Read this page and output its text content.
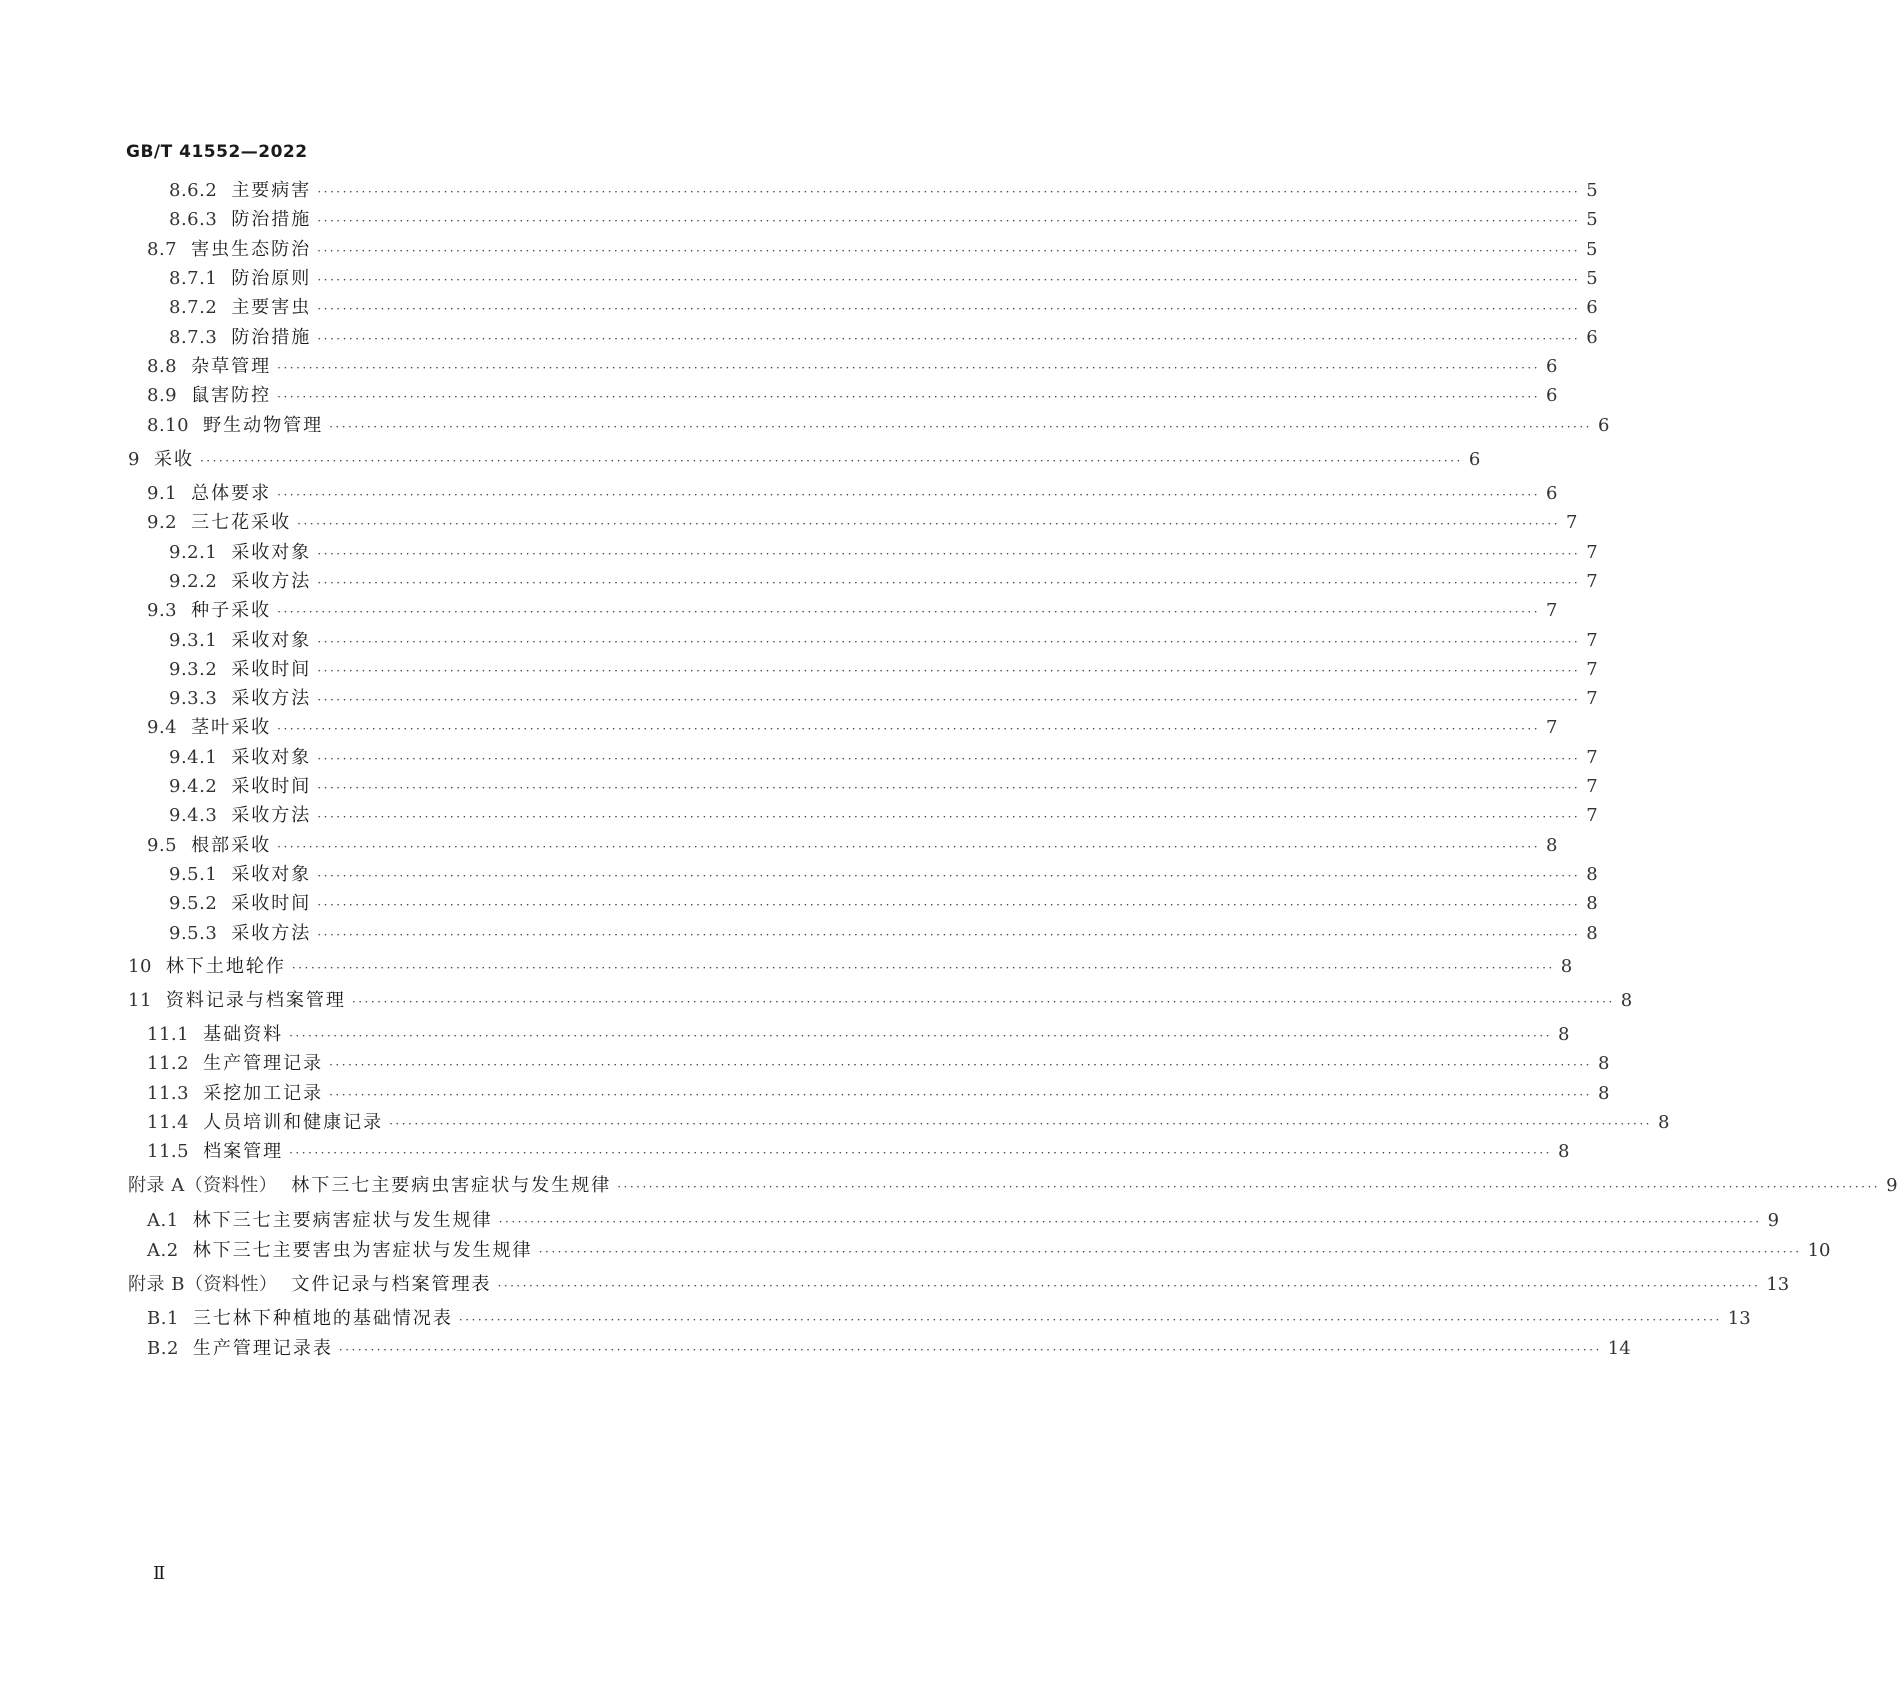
GB/T 41552—2022
8.6.2 主要病害 ········································································································································································································ 5
8.6.3 防治措施 ········································································································································································································ 5
8.7 害虫生态防治 ········································································································································································································ 5
8.7.1 防治原则 ········································································································································································································ 5
8.7.2 主要害虫 ········································································································································································································ 6
8.7.3 防治措施 ········································································································································································································ 6
8.8 杂草管理 ········································································································································································································ 6
8.9 鼠害防控 ········································································································································································································ 6
8.10 野生动物管理 ········································································································································································································ 6
9 采收 ········································································································································································································ 6
9.1 总体要求 ········································································································································································································ 6
9.2 三七花采收 ········································································································································································································ 7
9.2.1 采收对象 ········································································································································································································ 7
9.2.2 采收方法 ········································································································································································································ 7
9.3 种子采收 ········································································································································································································ 7
9.3.1 采收对象 ········································································································································································································ 7
9.3.2 采收时间 ········································································································································································································ 7
9.3.3 采收方法 ········································································································································································································ 7
9.4 茎叶采收 ········································································································································································································ 7
9.4.1 采收对象 ········································································································································································································ 7
9.4.2 采收时间 ········································································································································································································ 7
9.4.3 采收方法 ········································································································································································································ 7
9.5 根部采收 ········································································································································································································ 8
9.5.1 采收对象 ········································································································································································································ 8
9.5.2 采收时间 ········································································································································································································ 8
9.5.3 采收方法 ········································································································································································································ 8
10 林下土地轮作 ········································································································································································································ 8
11 资料记录与档案管理 ········································································································································································································ 8
11.1 基础资料 ········································································································································································································ 8
11.2 生产管理记录 ········································································································································································································ 8
11.3 采挖加工记录 ········································································································································································································ 8
11.4 人员培训和健康记录 ········································································································································································································ 8
11.5 档案管理 ········································································································································································································ 8
附录 A（资料性） 林下三七主要病虫害症状与发生规律 ········································································································································································································ 9
A.1 林下三七主要病害症状与发生规律 ········································································································································································································ 9
A.2 林下三七主要害虫为害症状与发生规律 ········································································································································································································ 10
附录 B（资料性） 文件记录与档案管理表 ········································································································································································································ 13
B.1 三七林下种植地的基础情况表 ········································································································································································································ 13
B.2 生产管理记录表 ········································································································································································································ 14
Ⅱ
